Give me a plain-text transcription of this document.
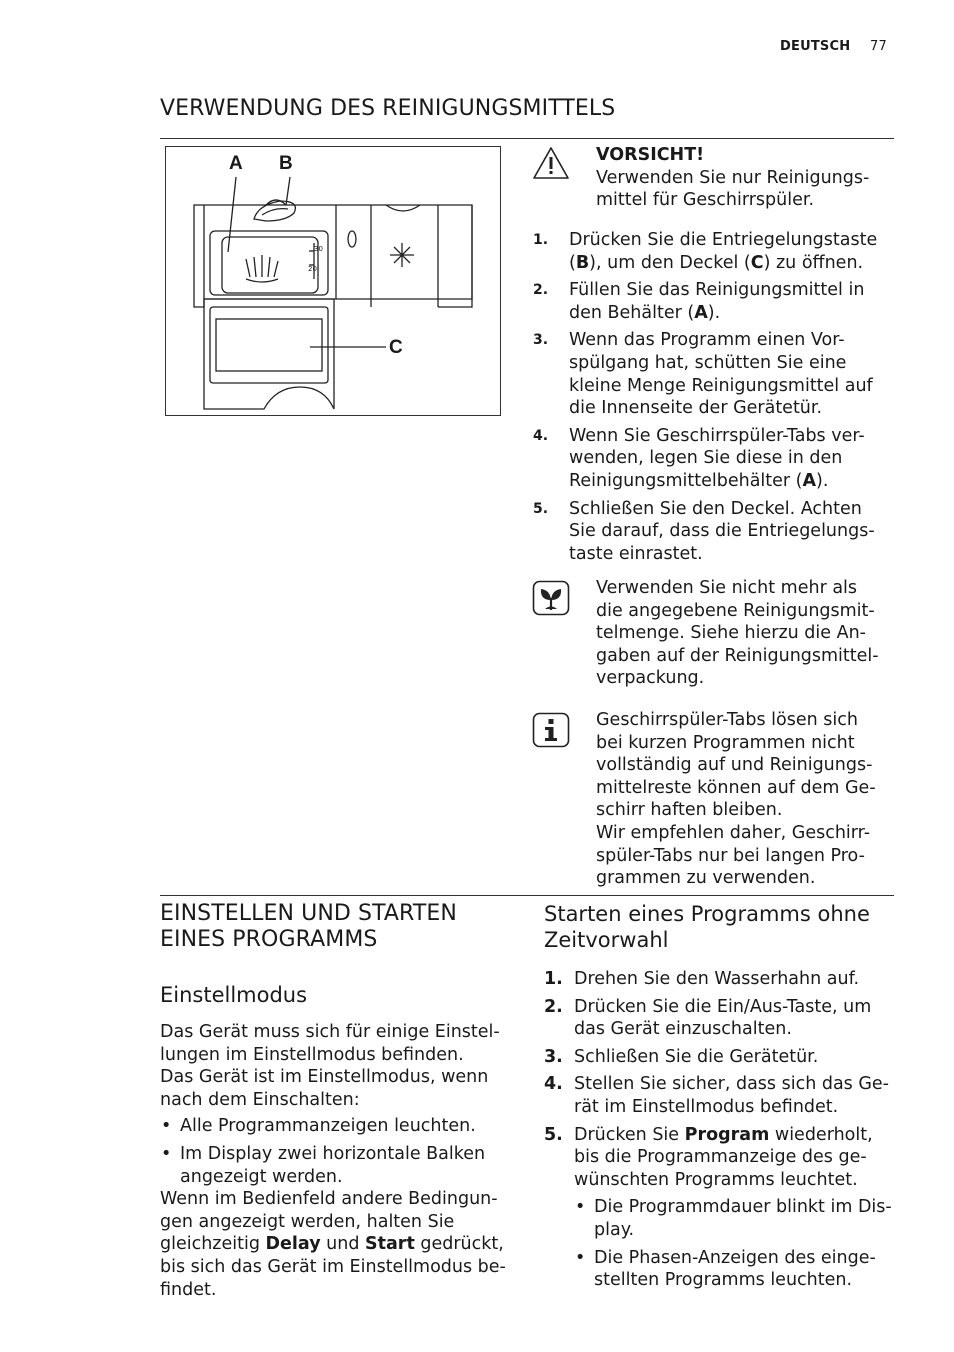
DEUTSCH 77
VERWENDUNG DES REINIGUNGSMITTELS
A B
C
30
20
VORSICHT!
Verwenden Sie nur Reinigungs-
mittel für Geschirrspüler.
1. Drücken Sie die Entriegelungstaste
(B), um den Deckel (C) zu öffnen.
2. Füllen Sie das Reinigungsmittel in
den Behälter (A).
3. Wenn das Programm einen Vor-
spülgang hat, schütten Sie eine
kleine Menge Reinigungsmittel auf
die Innenseite der Gerätetür.
4. Wenn Sie Geschirrspüler-Tabs ver-
wenden, legen Sie diese in den
Reinigungsmittelbehälter (A).
5. Schließen Sie den Deckel. Achten
Sie darauf, dass die Entriegelungs-
taste einrastet.
Verwenden Sie nicht mehr als
die angegebene Reinigungsmit-
telmenge. Siehe hierzu die An-
gaben auf der Reinigungsmittel-
verpackung.
Geschirrspüler-Tabs lösen sich
bei kurzen Programmen nicht
vollständig auf und Reinigungs-
mittelreste können auf dem Ge-
schirr haften bleiben.
Wir empfehlen daher, Geschirr-
spüler-Tabs nur bei langen Pro-
grammen zu verwenden.
EINSTELLEN UND STARTEN
EINES PROGRAMMS
Einstellmodus
Das Gerät muss sich für einige Einstel-
lungen im Einstellmodus befinden.
Das Gerät ist im Einstellmodus, wenn
nach dem Einschalten:
• Alle Programmanzeigen leuchten.
• Im Display zwei horizontale Balken
angezeigt werden.
Wenn im Bedienfeld andere Bedingun-
gen angezeigt werden, halten Sie
gleichzeitig Delay und Start gedrückt,
bis sich das Gerät im Einstellmodus be-
findet.
Starten eines Programms ohne
Zeitvorwahl
1. Drehen Sie den Wasserhahn auf.
2. Drücken Sie die Ein/Aus-Taste, um
das Gerät einzuschalten.
3. Schließen Sie die Gerätetür.
4. Stellen Sie sicher, dass sich das Ge-
rät im Einstellmodus befindet.
5. Drücken Sie Program wiederholt,
bis die Programmanzeige des ge-
wünschten Programms leuchtet.
• Die Programmdauer blinkt im Dis-
play.
• Die Phasen-Anzeigen des einge-
stellten Programms leuchten.
